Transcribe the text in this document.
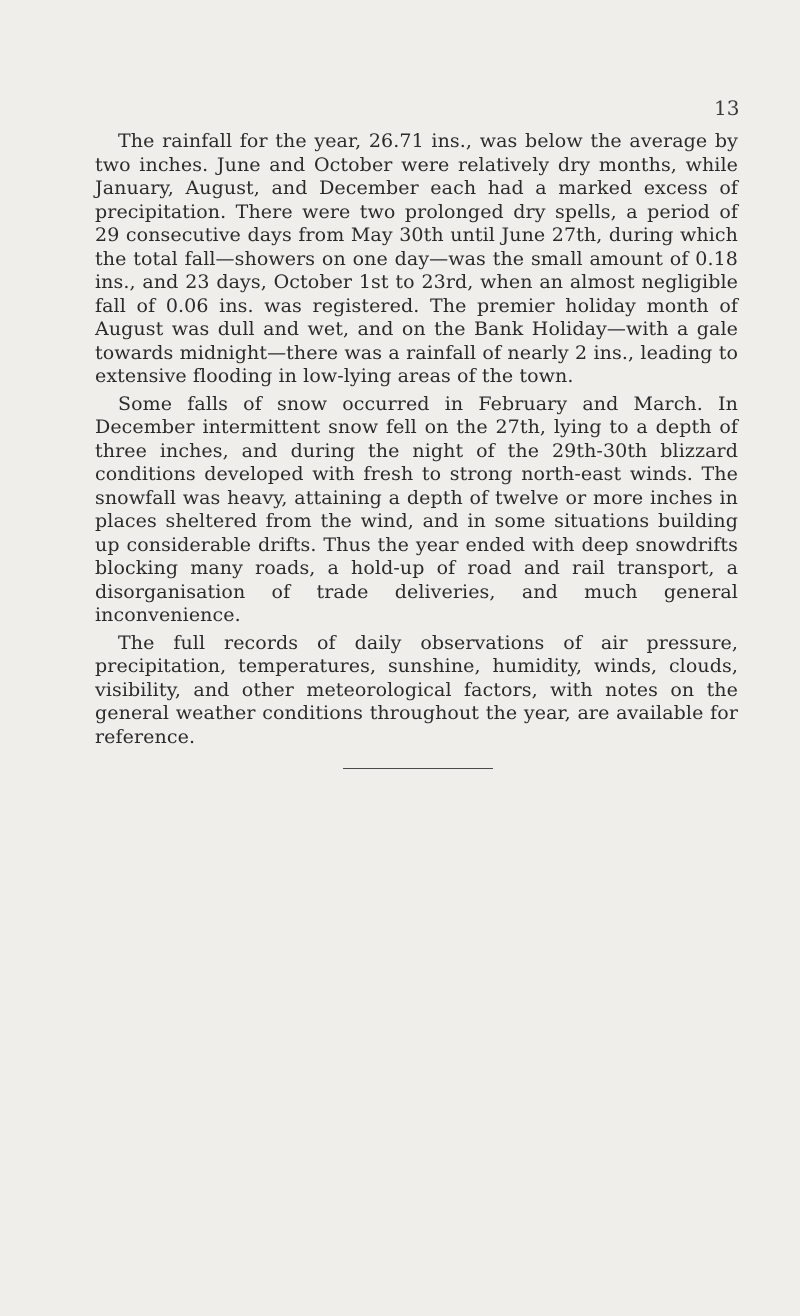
13

The rainfall for the year, 26.71 ins., was below the average by two inches. June and October were relatively dry months, while January, August, and December each had a marked excess of precipitation. There were two prolonged dry spells, a period of 29 consecutive days from May 30th until June 27th, during which the total fall—showers on one day—was the small amount of 0.18 ins., and 23 days, October 1st to 23rd, when an almost negligible fall of 0.06 ins. was registered. The premier holiday month of August was dull and wet, and on the Bank Holiday—with a gale towards midnight—there was a rainfall of nearly 2 ins., leading to extensive flooding in low-lying areas of the town.

Some falls of snow occurred in February and March. In December intermittent snow fell on the 27th, lying to a depth of three inches, and during the night of the 29th-30th blizzard conditions developed with fresh to strong north-east winds. The snowfall was heavy, attaining a depth of twelve or more inches in places sheltered from the wind, and in some situations building up considerable drifts. Thus the year ended with deep snowdrifts blocking many roads, a hold-up of road and rail transport, a disorganisation of trade deliveries, and much general inconvenience.

The full records of daily observations of air pressure, precipitation, temperatures, sunshine, humidity, winds, clouds, visibility, and other meteorological factors, with notes on the general weather conditions throughout the year, are available for reference.
